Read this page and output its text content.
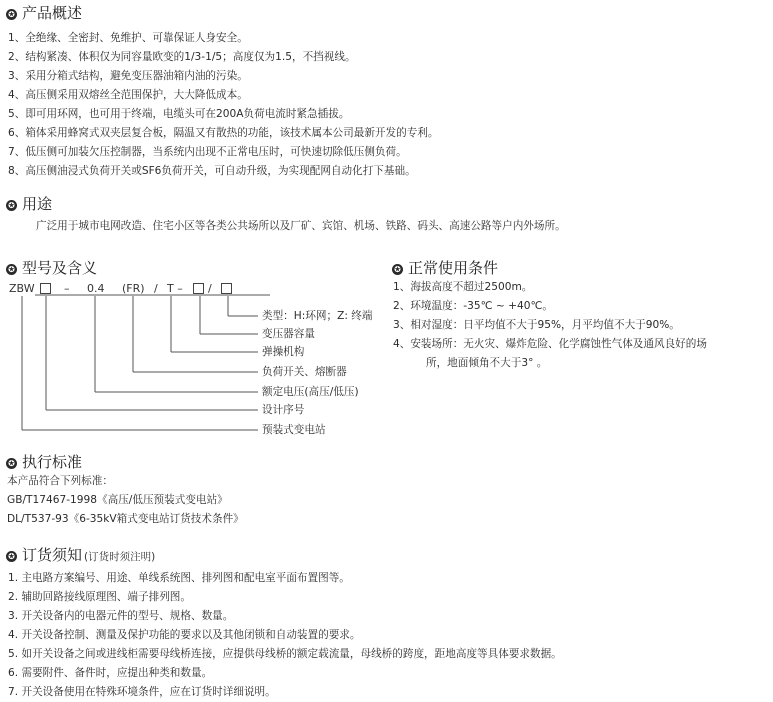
✪ 产品概述
1、全绝缘、全密封、免维护、可靠保证人身安全。
2、结构紧凑、体积仅为同容量欧变的1/3-1/5；高度仅为1.5，不挡视线。
3、采用分箱式结构，避免变压器油箱内油的污染。
4、高压侧采用双熔丝全范围保护，大大降低成本。
5、即可用环网，也可用于终端，电缆头可在200A负荷电流时紧急插拔。
6、箱体采用蜂窝式双夹层复合板，隔温又有散热的功能，该技术属本公司最新开发的专利。
7、低压侧可加装欠压控制器，当系统内出现不正常电压时，可快速切除低压侧负荷。
8、高压侧油浸式负荷开关或SF6负荷开关，可自动升级，为实现配网自动化打下基础。
✪ 用途
广泛用于城市电网改造、住宅小区等各类公共场所以及厂矿、宾馆、机场、铁路、码头、高速公路等户内外场所。
✪ 型号及含义
ZBW	– 0.4 (FR) / T – /
类型：H:环网；Z: 终端
变压器容量
弹操机构
负荷开关、熔断器
额定电压(高压/低压)
设计序号
预装式变电站
✪ 正常使用条件
1、海拔高度不超过2500m。
2、环境温度：-35℃ ~ +40℃。
3、相对湿度：日平均值不大于95%，月平均值不大于90%。
4、安装场所：无火灾、爆炸危险、化学腐蚀性气体及通风良好的场
所，地面倾角不大于3° 。
✪ 执行标准
本产品符合下列标准：
GB/T17467-1998《高压/低压预装式变电站》
DL/T537-93《6-35kV箱式变电站订货技术条件》
✪ 订货须知 (订货时须注明)
1. 主电路方案编号、用途、单线系统图、排列图和配电室平面布置图等。
2. 辅助回路接线原理图、端子排列图。
3. 开关设备内的电器元件的型号、规格、数量。
4. 开关设备控制、测量及保护功能的要求以及其他闭锁和自动装置的要求。
5. 如开关设备之间或进线柜需要母线桥连接，应提供母线桥的额定载流量，母线桥的跨度，距地高度等具体要求数据。
6. 需要附件、备件时，应提出种类和数量。
7. 开关设备使用在特殊环境条件，应在订货时详细说明。
